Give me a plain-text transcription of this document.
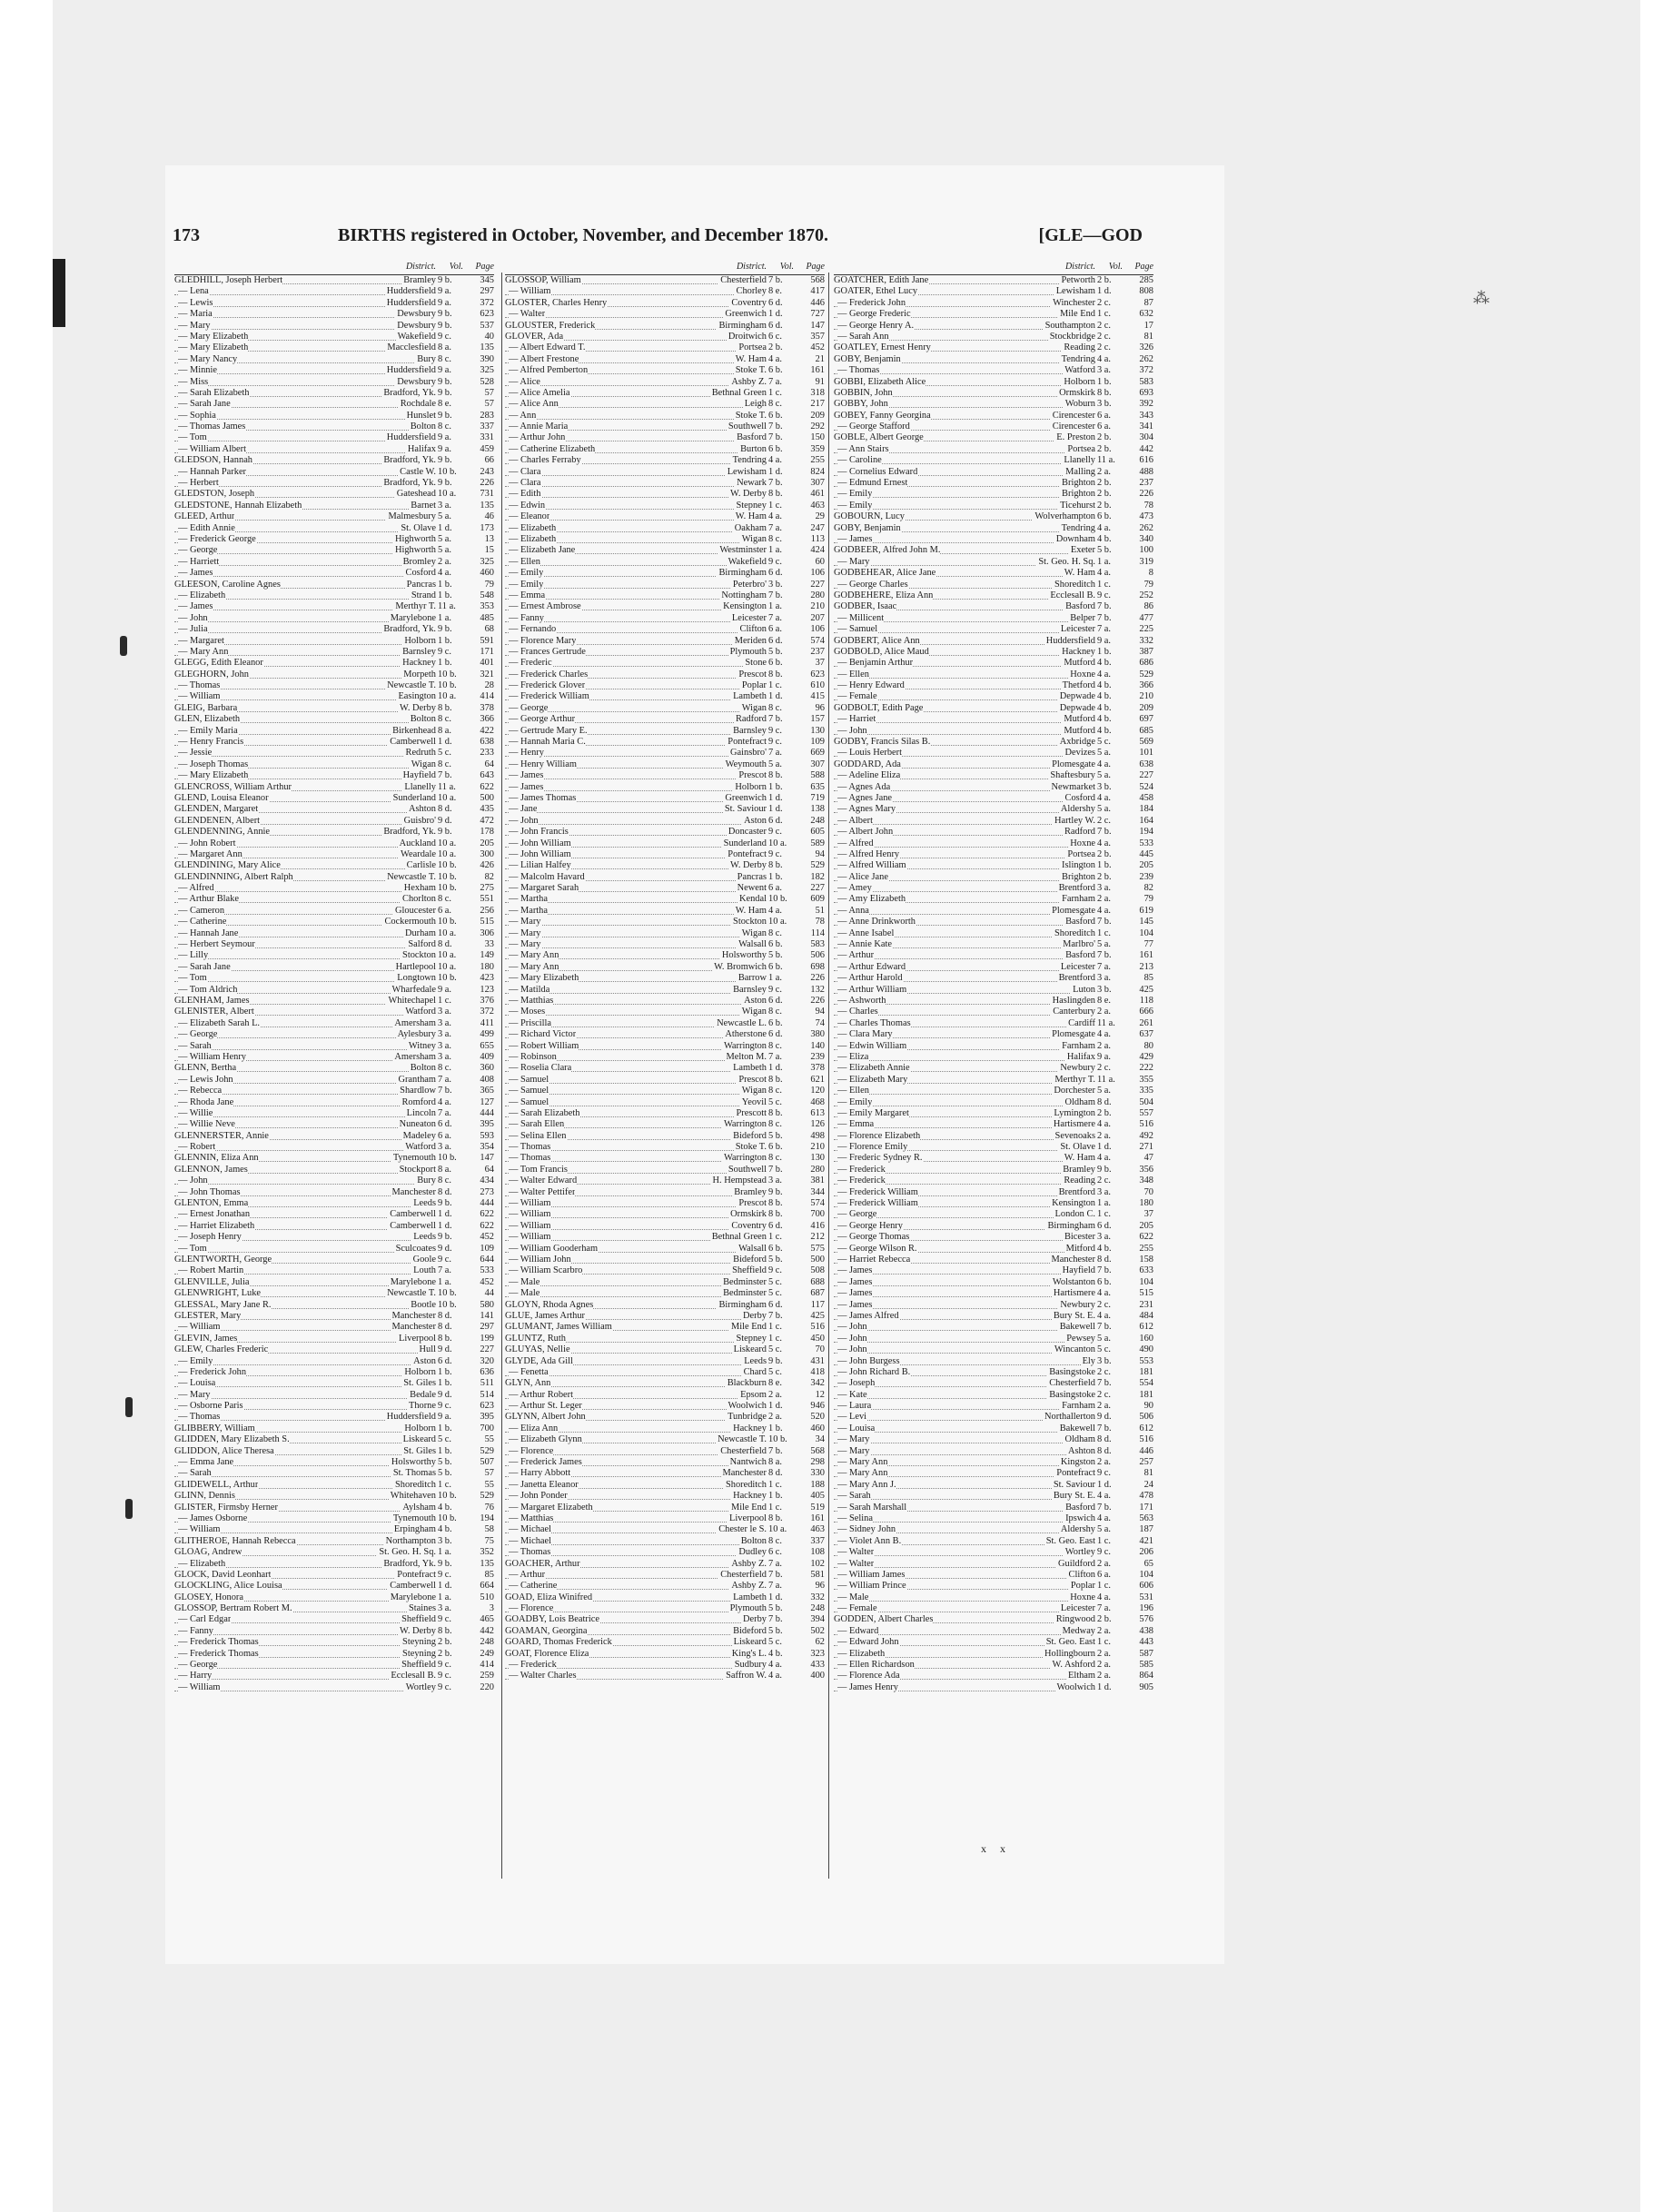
⁂
173	BIRTHS registered in October, November, and December 1870.	[GLE—GOD
District. Vol. Page
GLEDHILL, Joseph Herbert	Bramley 9 b.	345
— Lena	Huddersfield 9 a.	297
— Lewis	Huddersfield 9 a.	372
— Maria	Dewsbury 9 b.	623
— Mary	Dewsbury 9 b.	537
— Mary Elizabeth	Wakefield 9 c.	40
— Mary Elizabeth	Macclesfield 8 a.	135
— Mary Nancy	Bury 8 c.	390
— Minnie	Huddersfield 9 a.	325
— Miss	Dewsbury 9 b.	528
— Sarah Elizabeth	Bradford, Yk. 9 b.	57
— Sarah Jane	Rochdale 8 e.	57
— Sophia	Hunslet 9 b.	283
— Thomas James	Bolton 8 c.	337
— Tom	Huddersfield 9 a.	331
— William Albert	Halifax 9 a.	459
GLEDSON, Hannah	Bradford, Yk. 9 b.	66
— Hannah Parker	Castle W. 10 b.	243
— Herbert	Bradford, Yk. 9 b.	226
GLEDSTON, Joseph	Gateshead 10 a.	731
GLEDSTONE, Hannah Elizabeth	Barnet 3 a.	135
GLEED, Arthur	Malmesbury 5 a.	46
— Edith Annie	St. Olave 1 d.	173
— Frederick George	Highworth 5 a.	13
— George	Highworth 5 a.	15
— Harriett	Bromley 2 a.	325
— James	Cosford 4 a.	460
GLEESON, Caroline Agnes	Pancras 1 b.	79
— Elizabeth	Strand 1 b.	548
— James	Merthyr T. 11 a.	353
— John	Marylebone 1 a.	485
— Julia	Bradford, Yk. 9 b.	68
— Margaret	Holborn 1 b.	591
— Mary Ann	Barnsley 9 c.	171
GLEGG, Edith Eleanor	Hackney 1 b.	401
GLEGHORN, John	Morpeth 10 b.	321
— Thomas	Newcastle T. 10 b.	28
— William	Easington 10 a.	414
GLEIG, Barbara	W. Derby 8 b.	378
GLEN, Elizabeth	Bolton 8 c.	366
— Emily Maria	Birkenhead 8 a.	422
— Henry Francis	Camberwell 1 d.	638
— Jessie	Redruth 5 c.	233
— Joseph Thomas	Wigan 8 c.	64
— Mary Elizabeth	Hayfield 7 b.	643
GLENCROSS, William Arthur	Llanelly 11 a.	622
GLEND, Louisa Eleanor	Sunderland 10 a.	500
GLENDEN, Margaret	Ashton 8 d.	435
GLENDENEN, Albert	Guisbro' 9 d.	472
GLENDENNING, Annie	Bradford, Yk. 9 b.	178
— John Robert	Auckland 10 a.	205
— Margaret Ann	Weardale 10 a.	300
GLENDINING, Mary Alice	Carlisle 10 b.	426
GLENDINNING, Albert Ralph	Newcastle T. 10 b.	82
— Alfred	Hexham 10 b.	275
— Arthur Blake	Chorlton 8 c.	551
— Cameron	Gloucester 6 a.	256
— Catherine	Cockermouth 10 b.	515
— Hannah Jane	Durham 10 a.	306
— Herbert Seymour	Salford 8 d.	33
— Lilly	Stockton 10 a.	149
— Sarah Jane	Hartlepool 10 a.	180
— Tom	Longtown 10 b.	423
— Tom Aldrich	Wharfedale 9 a.	123
GLENHAM, James	Whitechapel 1 c.	376
GLENISTER, Albert	Watford 3 a.	372
— Elizabeth Sarah L.	Amersham 3 a.	411
— George	Aylesbury 3 a.	499
— Sarah	Witney 3 a.	655
— William Henry	Amersham 3 a.	409
GLENN, Bertha	Bolton 8 c.	360
— Lewis John	Grantham 7 a.	408
— Rebecca	Shardlow 7 b.	365
— Rhoda Jane	Romford 4 a.	127
— Willie	Lincoln 7 a.	444
— Willie Neve	Nuneaton 6 d.	395
GLENNERSTER, Annie	Madeley 6 a.	593
— Robert	Watford 3 a.	354
GLENNIN, Eliza Ann	Tynemouth 10 b.	147
GLENNON, James	Stockport 8 a.	64
— John	Bury 8 c.	434
— John Thomas	Manchester 8 d.	273
GLENTON, Emma	Leeds 9 b.	444
— Ernest Jonathan	Camberwell 1 d.	622
— Harriet Elizabeth	Camberwell 1 d.	622
— Joseph Henry	Leeds 9 b.	452
— Tom	Sculcoates 9 d.	109
GLENTWORTH, George	Goole 9 c.	644
— Robert Martin	Louth 7 a.	533
GLENVILLE, Julia	Marylebone 1 a.	452
GLENWRIGHT, Luke	Newcastle T. 10 b.	44
GLESSAL, Mary Jane R.	Bootle 10 b.	580
GLESTER, Mary	Manchester 8 d.	141
— William	Manchester 8 d.	297
GLEVIN, James	Liverpool 8 b.	199
GLEW, Charles Frederic	Hull 9 d.	227
— Emily	Aston 6 d.	320
— Frederick John	Holborn 1 b.	636
— Louisa	St. Giles 1 b.	511
— Mary	Bedale 9 d.	514
— Osborne Paris	Thorne 9 c.	623
— Thomas	Huddersfield 9 a.	395
GLIBBERY, William	Holborn 1 b.	700
GLIDDEN, Mary Elizabeth S.	Liskeard 5 c.	55
GLIDDON, Alice Theresa	St. Giles 1 b.	529
— Emma Jane	Holsworthy 5 b.	507
— Sarah	St. Thomas 5 b.	57
GLIDEWELL, Arthur	Shoreditch 1 c.	55
GLINN, Dennis	Whitehaven 10 b.	529
GLISTER, Firmsby Herner	Aylsham 4 b.	76
— James Osborne	Tynemouth 10 b.	194
— William	Erpingham 4 b.	58
GLITHEROE, Hannah Rebecca	Northampton 3 b.	75
GLOAG, Andrew	St. Geo. H. Sq. 1 a.	352
— Elizabeth	Bradford, Yk. 9 b.	135
GLOCK, David Leonhart	Pontefract 9 c.	85
GLOCKLING, Alice Louisa	Camberwell 1 d.	664
GLOSEY, Honora	Marylebone 1 a.	510
GLOSSOP, Bertram Robert M.	Staines 3 a.	3
— Carl Edgar	Sheffield 9 c.	465
— Fanny	W. Derby 8 b.	442
— Frederick Thomas	Steyning 2 b.	248
— Frederick Thomas	Steyning 2 b.	249
— George	Sheffield 9 c.	414
— Harry	Ecclesall B. 9 c.	259
— William	Wortley 9 c.	220
District. Vol. Page
GLOSSOP, William	Chesterfield 7 b.	568
— William	Chorley 8 e.	417
GLOSTER, Charles Henry	Coventry 6 d.	446
— Walter	Greenwich 1 d.	727
GLOUSTER, Frederick	Birmingham 6 d.	147
GLOVER, Ada	Droitwich 6 c.	357
— Albert Edward T.	Portsea 2 b.	452
— Albert Frestone	W. Ham 4 a.	21
— Alfred Pemberton	Stoke T. 6 b.	161
— Alice	Ashby Z. 7 a.	91
— Alice Amelia	Bethnal Green 1 c.	318
— Alice Ann	Leigh 8 c.	217
— Ann	Stoke T. 6 b.	209
— Annie Maria	Southwell 7 b.	292
— Arthur John	Basford 7 b.	150
— Catherine Elizabeth	Burton 6 b.	359
— Charles Ferraby	Tendring 4 a.	255
— Clara	Lewisham 1 d.	824
— Clara	Newark 7 b.	307
— Edith	W. Derby 8 b.	461
— Edwin	Stepney 1 c.	463
— Eleanor	W. Ham 4 a.	29
— Elizabeth	Oakham 7 a.	247
— Elizabeth	Wigan 8 c.	113
— Elizabeth Jane	Westminster 1 a.	424
— Ellen	Wakefield 9 c.	60
— Emily	Birmingham 6 d.	106
— Emily	Peterbro' 3 b.	227
— Emma	Nottingham 7 b.	280
— Ernest Ambrose	Kensington 1 a.	210
— Fanny	Leicester 7 a.	207
— Fernando	Clifton 6 a.	106
— Florence Mary	Meriden 6 d.	574
— Frances Gertrude	Plymouth 5 b.	237
— Frederic	Stone 6 b.	37
— Frederick Charles	Prescot 8 b.	623
— Frederick Glover	Poplar 1 c.	610
— Frederick William	Lambeth 1 d.	415
— George	Wigan 8 c.	96
— George Arthur	Radford 7 b.	157
— Gertrude Mary E.	Barnsley 9 c.	130
— Hannah Maria C.	Pontefract 9 c.	109
— Henry	Gainsbro' 7 a.	669
— Henry William	Weymouth 5 a.	307
— James	Prescot 8 b.	588
— James	Holborn 1 b.	635
— James Thomas	Greenwich 1 d.	719
— Jane	St. Saviour 1 d.	138
— John	Aston 6 d.	248
— John Francis	Doncaster 9 c.	605
— John William	Sunderland 10 a.	589
— John William	Pontefract 9 c.	94
— Lilian Halfey	W. Derby 8 b.	529
— Malcolm Havard	Pancras 1 b.	182
— Margaret Sarah	Newent 6 a.	227
— Martha	Kendal 10 b.	609
— Martha	W. Ham 4 a.	51
— Mary	Stockton 10 a.	78
— Mary	Wigan 8 c.	114
— Mary	Walsall 6 b.	583
— Mary Ann	Holsworthy 5 b.	506
— Mary Ann	W. Bromwich 6 b.	698
— Mary Elizabeth	Barrow 1 a.	226
— Matilda	Barnsley 9 c.	132
— Matthias	Aston 6 d.	226
— Moses	Wigan 8 c.	94
— Priscilla	Newcastle L. 6 b.	74
— Richard Victor	Atherstone 6 d.	380
— Robert William	Warrington 8 c.	140
— Robinson	Melton M. 7 a.	239
— Roselia Clara	Lambeth 1 d.	378
— Samuel	Prescot 8 b.	621
— Samuel	Wigan 8 c.	120
— Samuel	Yeovil 5 c.	468
— Sarah Elizabeth	Prescott 8 b.	613
— Sarah Ellen	Warrington 8 c.	126
— Selina Ellen	Bideford 5 b.	498
— Thomas	Stoke T. 6 b.	210
— Thomas	Warrington 8 c.	130
— Tom Francis	Southwell 7 b.	280
— Walter Edward	H. Hempstead 3 a.	381
— Walter Pettifer	Bramley 9 b.	344
— William	Prescot 8 b.	574
— William	Ormskirk 8 b.	700
— William	Coventry 6 d.	416
— William	Bethnal Green 1 c.	212
— William Gooderham	Walsall 6 b.	575
— William John	Bideford 5 b.	500
— William Scarbro	Sheffield 9 c.	508
— Male	Bedminster 5 c.	688
— Male	Bedminster 5 c.	687
GLOYN, Rhoda Agnes	Birmingham 6 d.	117
GLUE, James Arthur	Derby 7 b.	425
GLUMANT, James William	Mile End 1 c.	516
GLUNTZ, Ruth	Stepney 1 c.	450
GLUYAS, Nellie	Liskeard 5 c.	70
GLYDE, Ada Gill	Leeds 9 b.	431
— Fenetta	Chard 5 c.	418
GLYN, Ann	Blackburn 8 e.	342
— Arthur Robert	Epsom 2 a.	12
— Arthur St. Leger	Woolwich 1 d.	946
GLYNN, Albert John	Tunbridge 2 a.	520
— Eliza Ann	Hackney 1 b.	460
— Elizabeth Glynn	Newcastle T. 10 b.	34
— Florence	Chesterfield 7 b.	568
— Frederick James	Nantwich 8 a.	298
— Harry Abbott	Manchester 8 d.	330
— Janetta Eleanor	Shoreditch 1 c.	188
— John Ponder	Hackney 1 b.	405
— Margaret Elizabeth	Mile End 1 c.	519
— Matthias	Liverpool 8 b.	161
— Michael	Chester le S. 10 a.	463
— Michael	Bolton 8 c.	337
— Thomas	Dudley 6 c.	108
GOACHER, Arthur	Ashby Z. 7 a.	102
— Arthur	Chesterfield 7 b.	581
— Catherine	Ashby Z. 7 a.	96
GOAD, Eliza Winifred	Lambeth 1 d.	332
— Florence	Plymouth 5 b.	248
GOADBY, Lois Beatrice	Derby 7 b.	394
GOAMAN, Georgina	Bideford 5 b.	502
GOARD, Thomas Frederick	Liskeard 5 c.	62
GOAT, Florence Eliza	King's L. 4 b.	323
— Frederick	Sudbury 4 a.	433
— Walter Charles	Saffron W. 4 a.	400
District. Vol. Page
GOATCHER, Edith Jane	Petworth 2 b.	285
GOATER, Ethel Lucy	Lewisham 1 d.	808
— Frederick John	Winchester 2 c.	87
— George Frederic	Mile End 1 c.	632
— George Henry A.	Southampton 2 c.	17
— Sarah Ann	Stockbridge 2 c.	81
GOATLEY, Ernest Henry	Reading 2 c.	326
GOBY, Benjamin	Tendring 4 a.	262
— Thomas	Watford 3 a.	372
GOBBI, Elizabeth Alice	Holborn 1 b.	583
GOBBIN, John	Ormskirk 8 b.	693
GOBBY, John	Woburn 3 b.	392
GOBEY, Fanny Georgina	Cirencester 6 a.	343
— George Stafford	Cirencester 6 a.	341
GOBLE, Albert George	E. Preston 2 b.	304
— Ann Stairs	Portsea 2 b.	442
— Caroline	Llanelly 11 a.	616
— Cornelius Edward	Malling 2 a.	488
— Edmund Ernest	Brighton 2 b.	237
— Emily	Brighton 2 b.	226
— Emily	Ticehurst 2 b.	78
GOBOURN, Lucy	Wolverhampton 6 b.	473
GOBY, Benjamin	Tendring 4 a.	262
— James	Downham 4 b.	340
GODBEER, Alfred John M.	Exeter 5 b.	100
— Mary	St. Geo. H. Sq. 1 a.	319
GODBEHEAR, Alice Jane	W. Ham 4 a.	8
— George Charles	Shoreditch 1 c.	79
GODBEHERE, Eliza Ann	Ecclesall B. 9 c.	252
GODBER, Isaac	Basford 7 b.	86
— Millicent	Belper 7 b.	477
— Samuel	Leicester 7 a.	225
GODBERT, Alice Ann	Huddersfield 9 a.	332
GODBOLD, Alice Maud	Hackney 1 b.	387
— Benjamin Arthur	Mutford 4 b.	686
— Ellen	Hoxne 4 a.	529
— Henry Edward	Thetford 4 b.	366
— Female	Depwade 4 b.	210
GODBOLT, Edith Page	Depwade 4 b.	209
— Harriet	Mutford 4 b.	697
— John	Mutford 4 b.	685
GODBY, Francis Silas B.	Axbridge 5 c.	569
— Louis Herbert	Devizes 5 a.	101
GODDARD, Ada	Plomesgate 4 a.	638
— Adeline Eliza	Shaftesbury 5 a.	227
— Agnes Ada	Newmarket 3 b.	524
— Agnes Jane	Cosford 4 a.	458
— Agnes Mary	Aldershy 5 a.	184
— Albert	Hartley W. 2 c.	164
— Albert John	Radford 7 b.	194
— Alfred	Hoxne 4 a.	533
— Alfred Henry	Portsea 2 b.	445
— Alfred William	Islington 1 b.	205
— Alice Jane	Brighton 2 b.	239
— Amey	Brentford 3 a.	82
— Amy Elizabeth	Farnham 2 a.	79
— Anna	Plomesgate 4 a.	619
— Anne Drinkworth	Basford 7 b.	145
— Anne Isabel	Shoreditch 1 c.	104
— Annie Kate	Marlbro' 5 a.	77
— Arthur	Basford 7 b.	161
— Arthur Edward	Leicester 7 a.	213
— Arthur Harold	Brentford 3 a.	85
— Arthur William	Luton 3 b.	425
— Ashworth	Haslingden 8 e.	118
— Charles	Canterbury 2 a.	666
— Charles Thomas	Cardiff 11 a.	261
— Clara Mary	Plomesgate 4 a.	637
— Edwin William	Farnham 2 a.	80
— Eliza	Halifax 9 a.	429
— Elizabeth Annie	Newbury 2 c.	222
— Elizabeth Mary	Merthyr T. 11 a.	355
— Ellen	Dorchester 5 a.	335
— Emily	Oldham 8 d.	504
— Emily Margaret	Lymington 2 b.	557
— Emma	Hartismere 4 a.	516
— Florence Elizabeth	Sevenoaks 2 a.	492
— Florence Emily	St. Olave 1 d.	271
— Frederic Sydney R.	W. Ham 4 a.	47
— Frederick	Bramley 9 b.	356
— Frederick	Reading 2 c.	348
— Frederick William	Brentford 3 a.	70
— Frederick William	Kensington 1 a.	180
— George	London C. 1 c.	37
— George Henry	Birmingham 6 d.	205
— George Thomas	Bicester 3 a.	622
— George Wilson R.	Mitford 4 b.	255
— Harriet Rebecca	Manchester 8 d.	158
— James	Hayfield 7 b.	633
— James	Wolstanton 6 b.	104
— James	Hartismere 4 a.	515
— James	Newbury 2 c.	231
— James Alfred	Bury St. E. 4 a.	484
— John	Bakewell 7 b.	612
— John	Pewsey 5 a.	160
— John	Wincanton 5 c.	490
— John Burgess	Ely 3 b.	553
— John Richard B.	Basingstoke 2 c.	181
— Joseph	Chesterfield 7 b.	554
— Kate	Basingstoke 2 c.	181
— Laura	Farnham 2 a.	90
— Levi	Northallerton 9 d.	506
— Louisa	Bakewell 7 b.	612
— Mary	Oldham 8 d.	516
— Mary	Ashton 8 d.	446
— Mary Ann	Kingston 2 a.	257
— Mary Ann	Pontefract 9 c.	81
— Mary Ann J.	St. Saviour 1 d.	24
— Sarah	Bury St. E. 4 a.	478
— Sarah Marshall	Basford 7 b.	171
— Selina	Ipswich 4 a.	563
— Sidney John	Aldershy 5 a.	187
— Violet Ann B.	St. Geo. East 1 c.	421
— Walter	Wortley 9 c.	206
— Walter	Guildford 2 a.	65
— William James	Clifton 6 a.	104
— William Prince	Poplar 1 c.	606
— Male	Hoxne 4 a.	531
— Female	Leicester 7 a.	196
GODDEN, Albert Charles	Ringwood 2 b.	576
— Edward	Medway 2 a.	438
— Edward John	St. Geo. East 1 c.	443
— Elizabeth	Hollingbourn 2 a.	587
— Ellen Richardson	W. Ashford 2 a.	585
— Florence Ada	Eltham 2 a.	864
— James Henry	Woolwich 1 d.	905
x x
